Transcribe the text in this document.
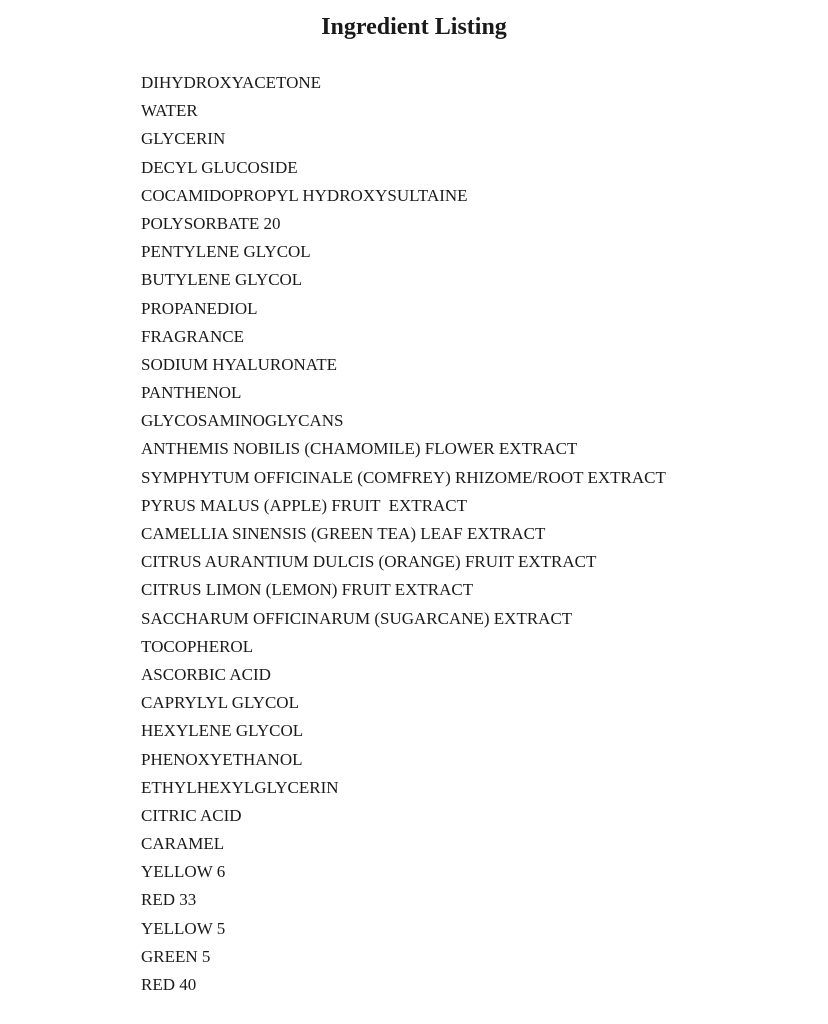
Ingredient Listing
DIHYDROXYACETONE
WATER
GLYCERIN
DECYL GLUCOSIDE
COCAMIDOPROPYL HYDROXYSULTAINE
POLYSORBATE 20
PENTYLENE GLYCOL
BUTYLENE GLYCOL
PROPANEDIOL
FRAGRANCE
SODIUM HYALURONATE
PANTHENOL
GLYCOSAMINOGLYCANS
ANTHEMIS NOBILIS (CHAMOMILE) FLOWER EXTRACT
SYMPHYTUM OFFICINALE (COMFREY) RHIZOME/ROOT EXTRACT
PYRUS MALUS (APPLE) FRUIT  EXTRACT
CAMELLIA SINENSIS (GREEN TEA) LEAF EXTRACT
CITRUS AURANTIUM DULCIS (ORANGE) FRUIT EXTRACT
CITRUS LIMON (LEMON) FRUIT EXTRACT
SACCHARUM OFFICINARUM (SUGARCANE) EXTRACT
TOCOPHEROL
ASCORBIC ACID
CAPRYLYL GLYCOL
HEXYLENE GLYCOL
PHENOXYETHANOL
ETHYLHEXYLGLYCERIN
CITRIC ACID
CARAMEL
YELLOW 6
RED 33
YELLOW 5
GREEN 5
RED 40
